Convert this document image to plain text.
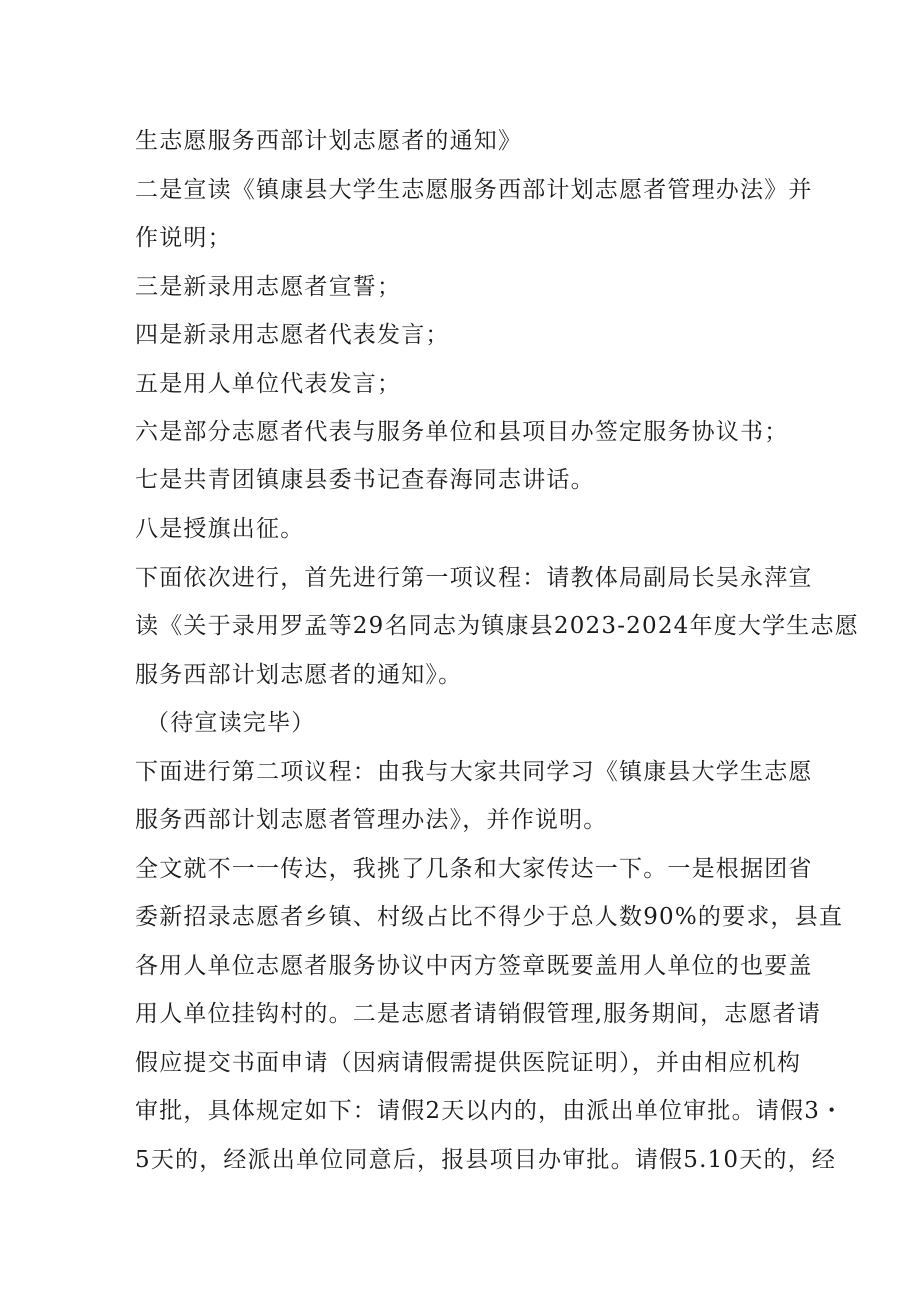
生志愿服务西部计划志愿者的通知》

二是宣读《镇康县大学生志愿服务西部计划志愿者管理办法》并

作说明；

三是新录用志愿者宣誓；

四是新录用志愿者代表发言；

五是用人单位代表发言；

六是部分志愿者代表与服务单位和县项目办签定服务协议书；

七是共青团镇康县委书记查春海同志讲话。

八是授旗出征。

下面依次进行，首先进行第一项议程：请教体局副局长吴永萍宣

读《关于录用罗孟等29名同志为镇康县2023-2024年度大学生志愿

服务西部计划志愿者的通知》。

（待宣读完毕）

下面进行第二项议程：由我与大家共同学习《镇康县大学生志愿

服务西部计划志愿者管理办法》，并作说明。

全文就不一一传达，我挑了几条和大家传达一下。一是根据团省

委新招录志愿者乡镇、村级占比不得少于总人数90%的要求，县直

各用人单位志愿者服务协议中丙方签章既要盖用人单位的也要盖

用人单位挂钩村的。二是志愿者请销假管理,服务期间，志愿者请

假应提交书面申请（因病请假需提供医院证明），并由相应机构

审批，具体规定如下：请假2天以内的，由派出单位审批。请假3・

5天的，经派出单位同意后，报县项目办审批。请假5.10天的，经
